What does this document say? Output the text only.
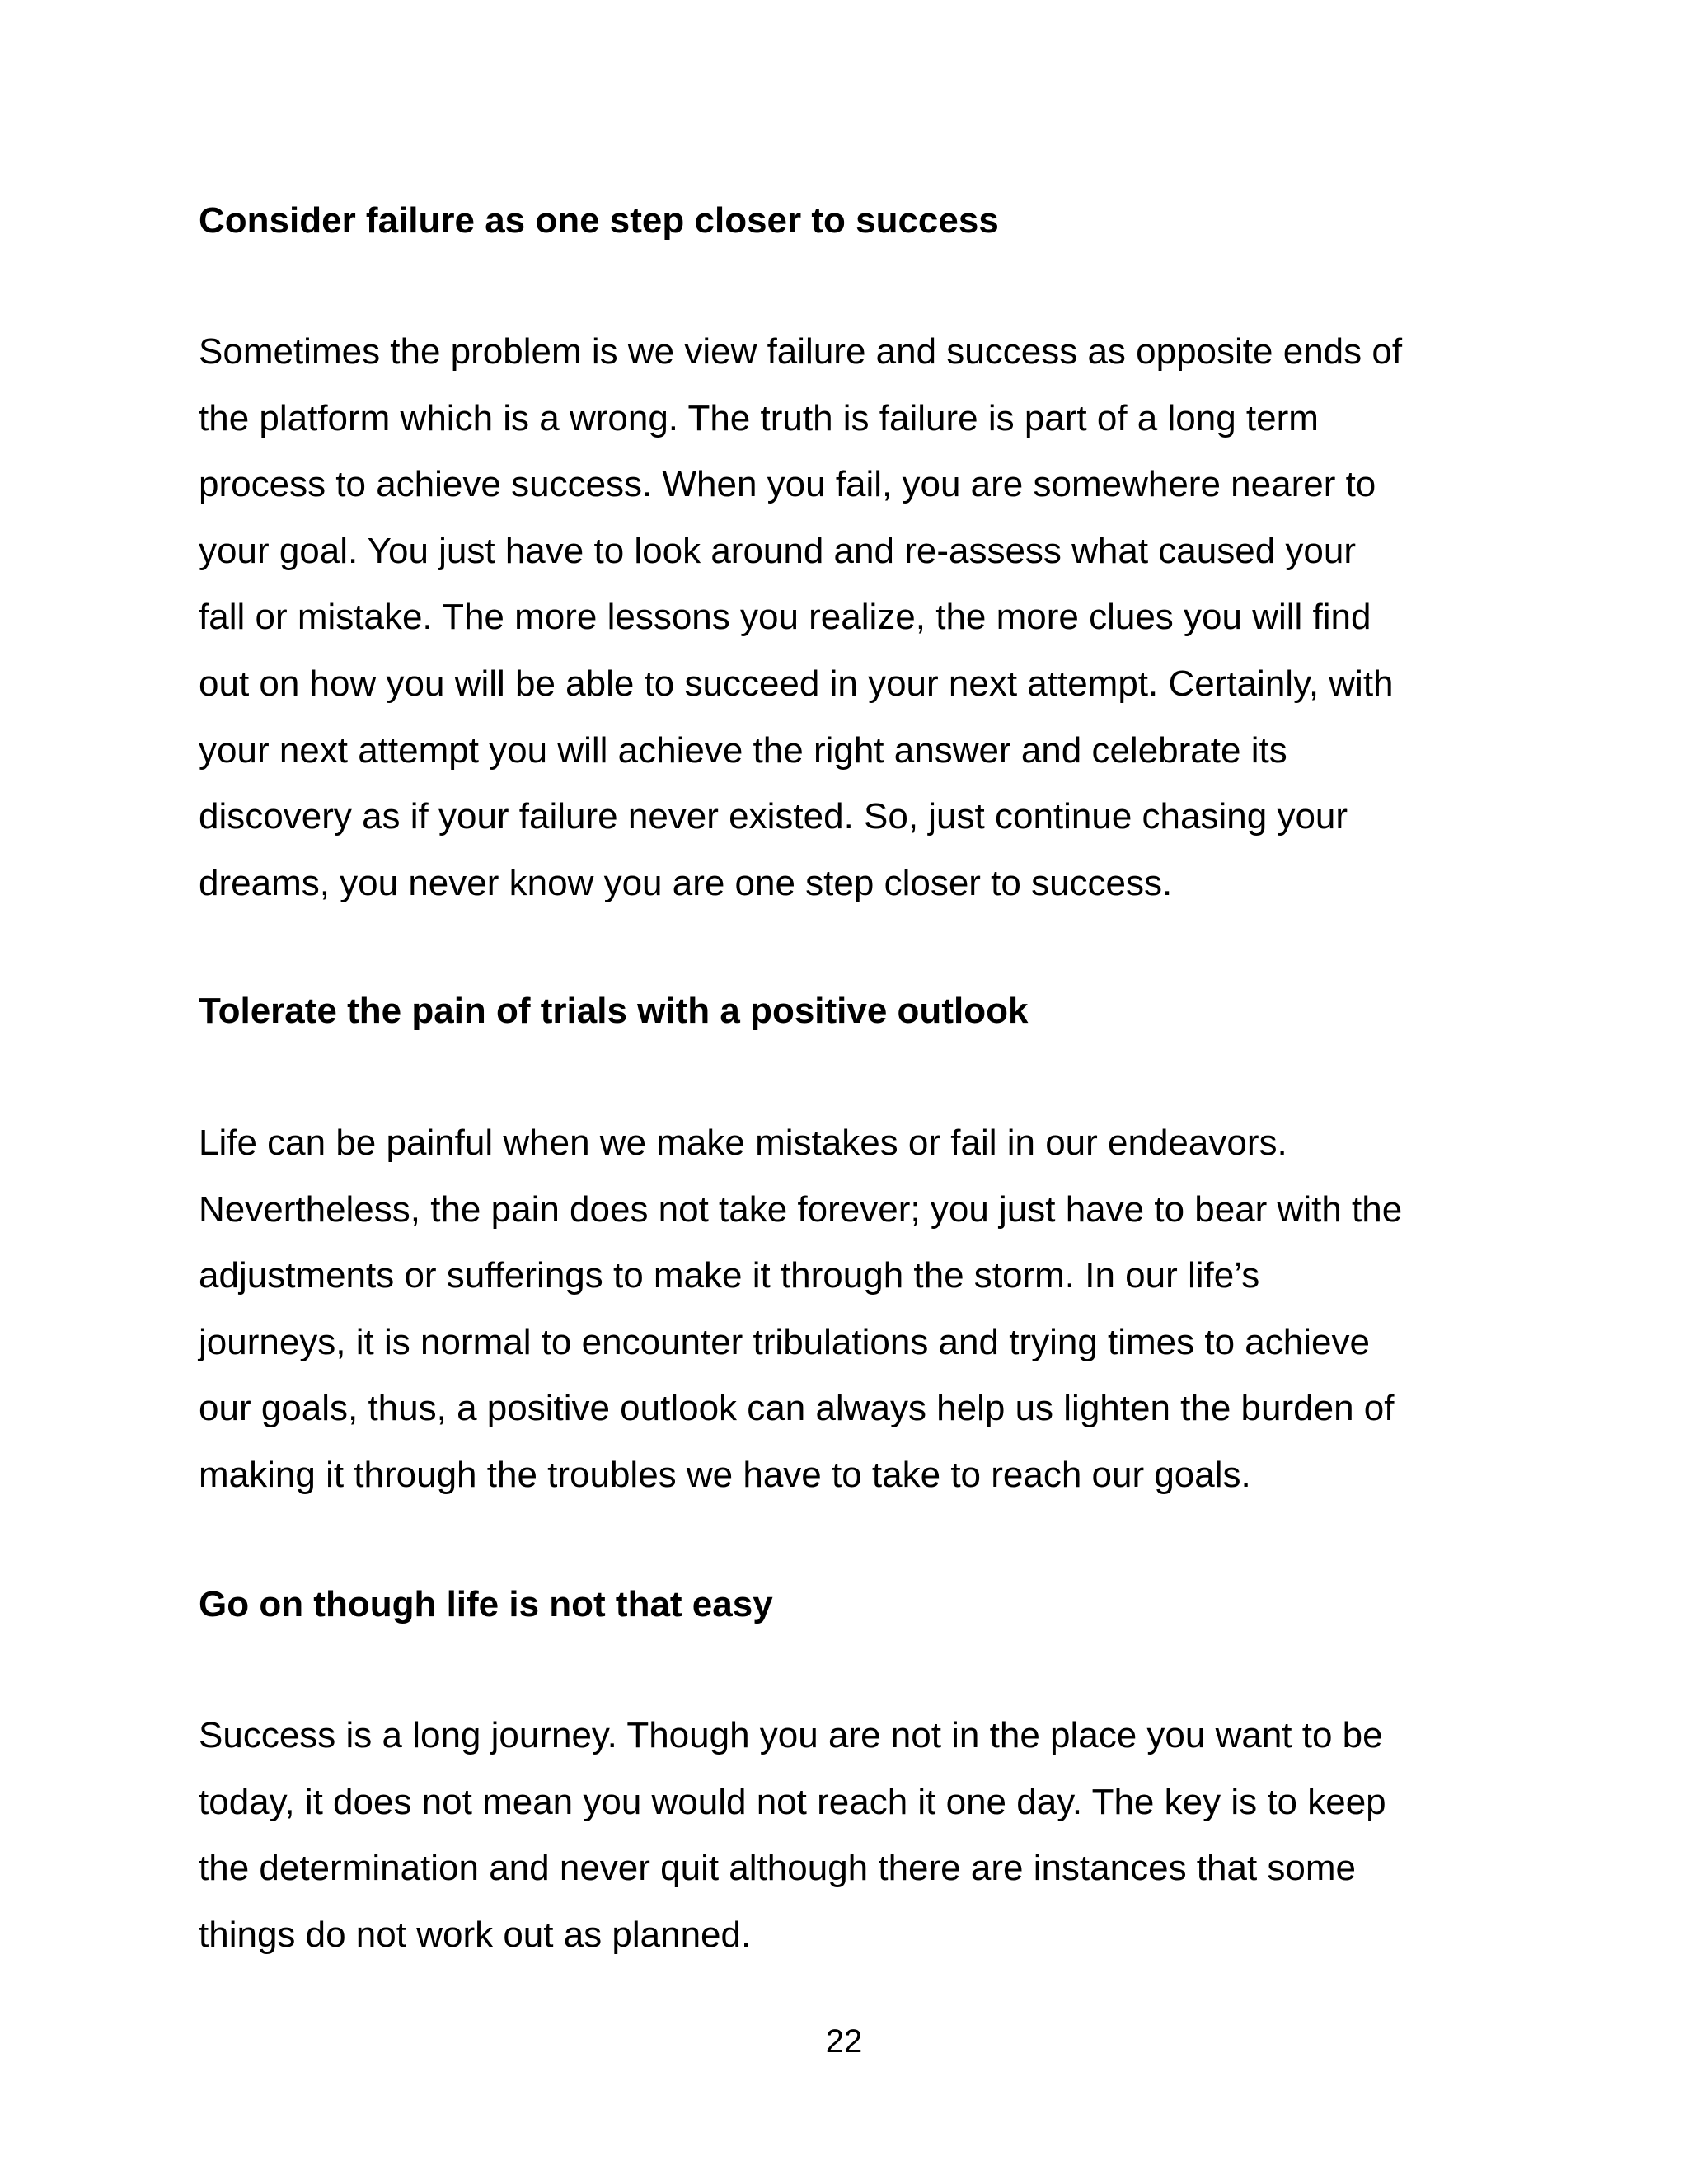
Consider failure as one step closer to success
Sometimes the problem is we view failure and success as opposite ends of
the platform which is a wrong. The truth is failure is part of a long term
process to achieve success. When you fail, you are somewhere nearer to
your goal. You just have to look around and re-assess what caused your
fall or mistake. The more lessons you realize, the more clues you will find
out on how you will be able to succeed in your next attempt. Certainly, with
your next attempt you will achieve the right answer and celebrate its
discovery as if your failure never existed. So, just continue chasing your
dreams, you never know you are one step closer to success.
Tolerate the pain of trials with a positive outlook
Life can be painful when we make mistakes or fail in our endeavors.
Nevertheless, the pain does not take forever; you just have to bear with the
adjustments or sufferings to make it through the storm. In our life’s
journeys, it is normal to encounter tribulations and trying times to achieve
our goals, thus, a positive outlook can always help us lighten the burden of
making it through the troubles we have to take to reach our goals.
Go on though life is not that easy
Success is a long journey. Though you are not in the place you want to be
today, it does not mean you would not reach it one day. The key is to keep
the determination and never quit although there are instances that some
things do not work out as planned.
22
